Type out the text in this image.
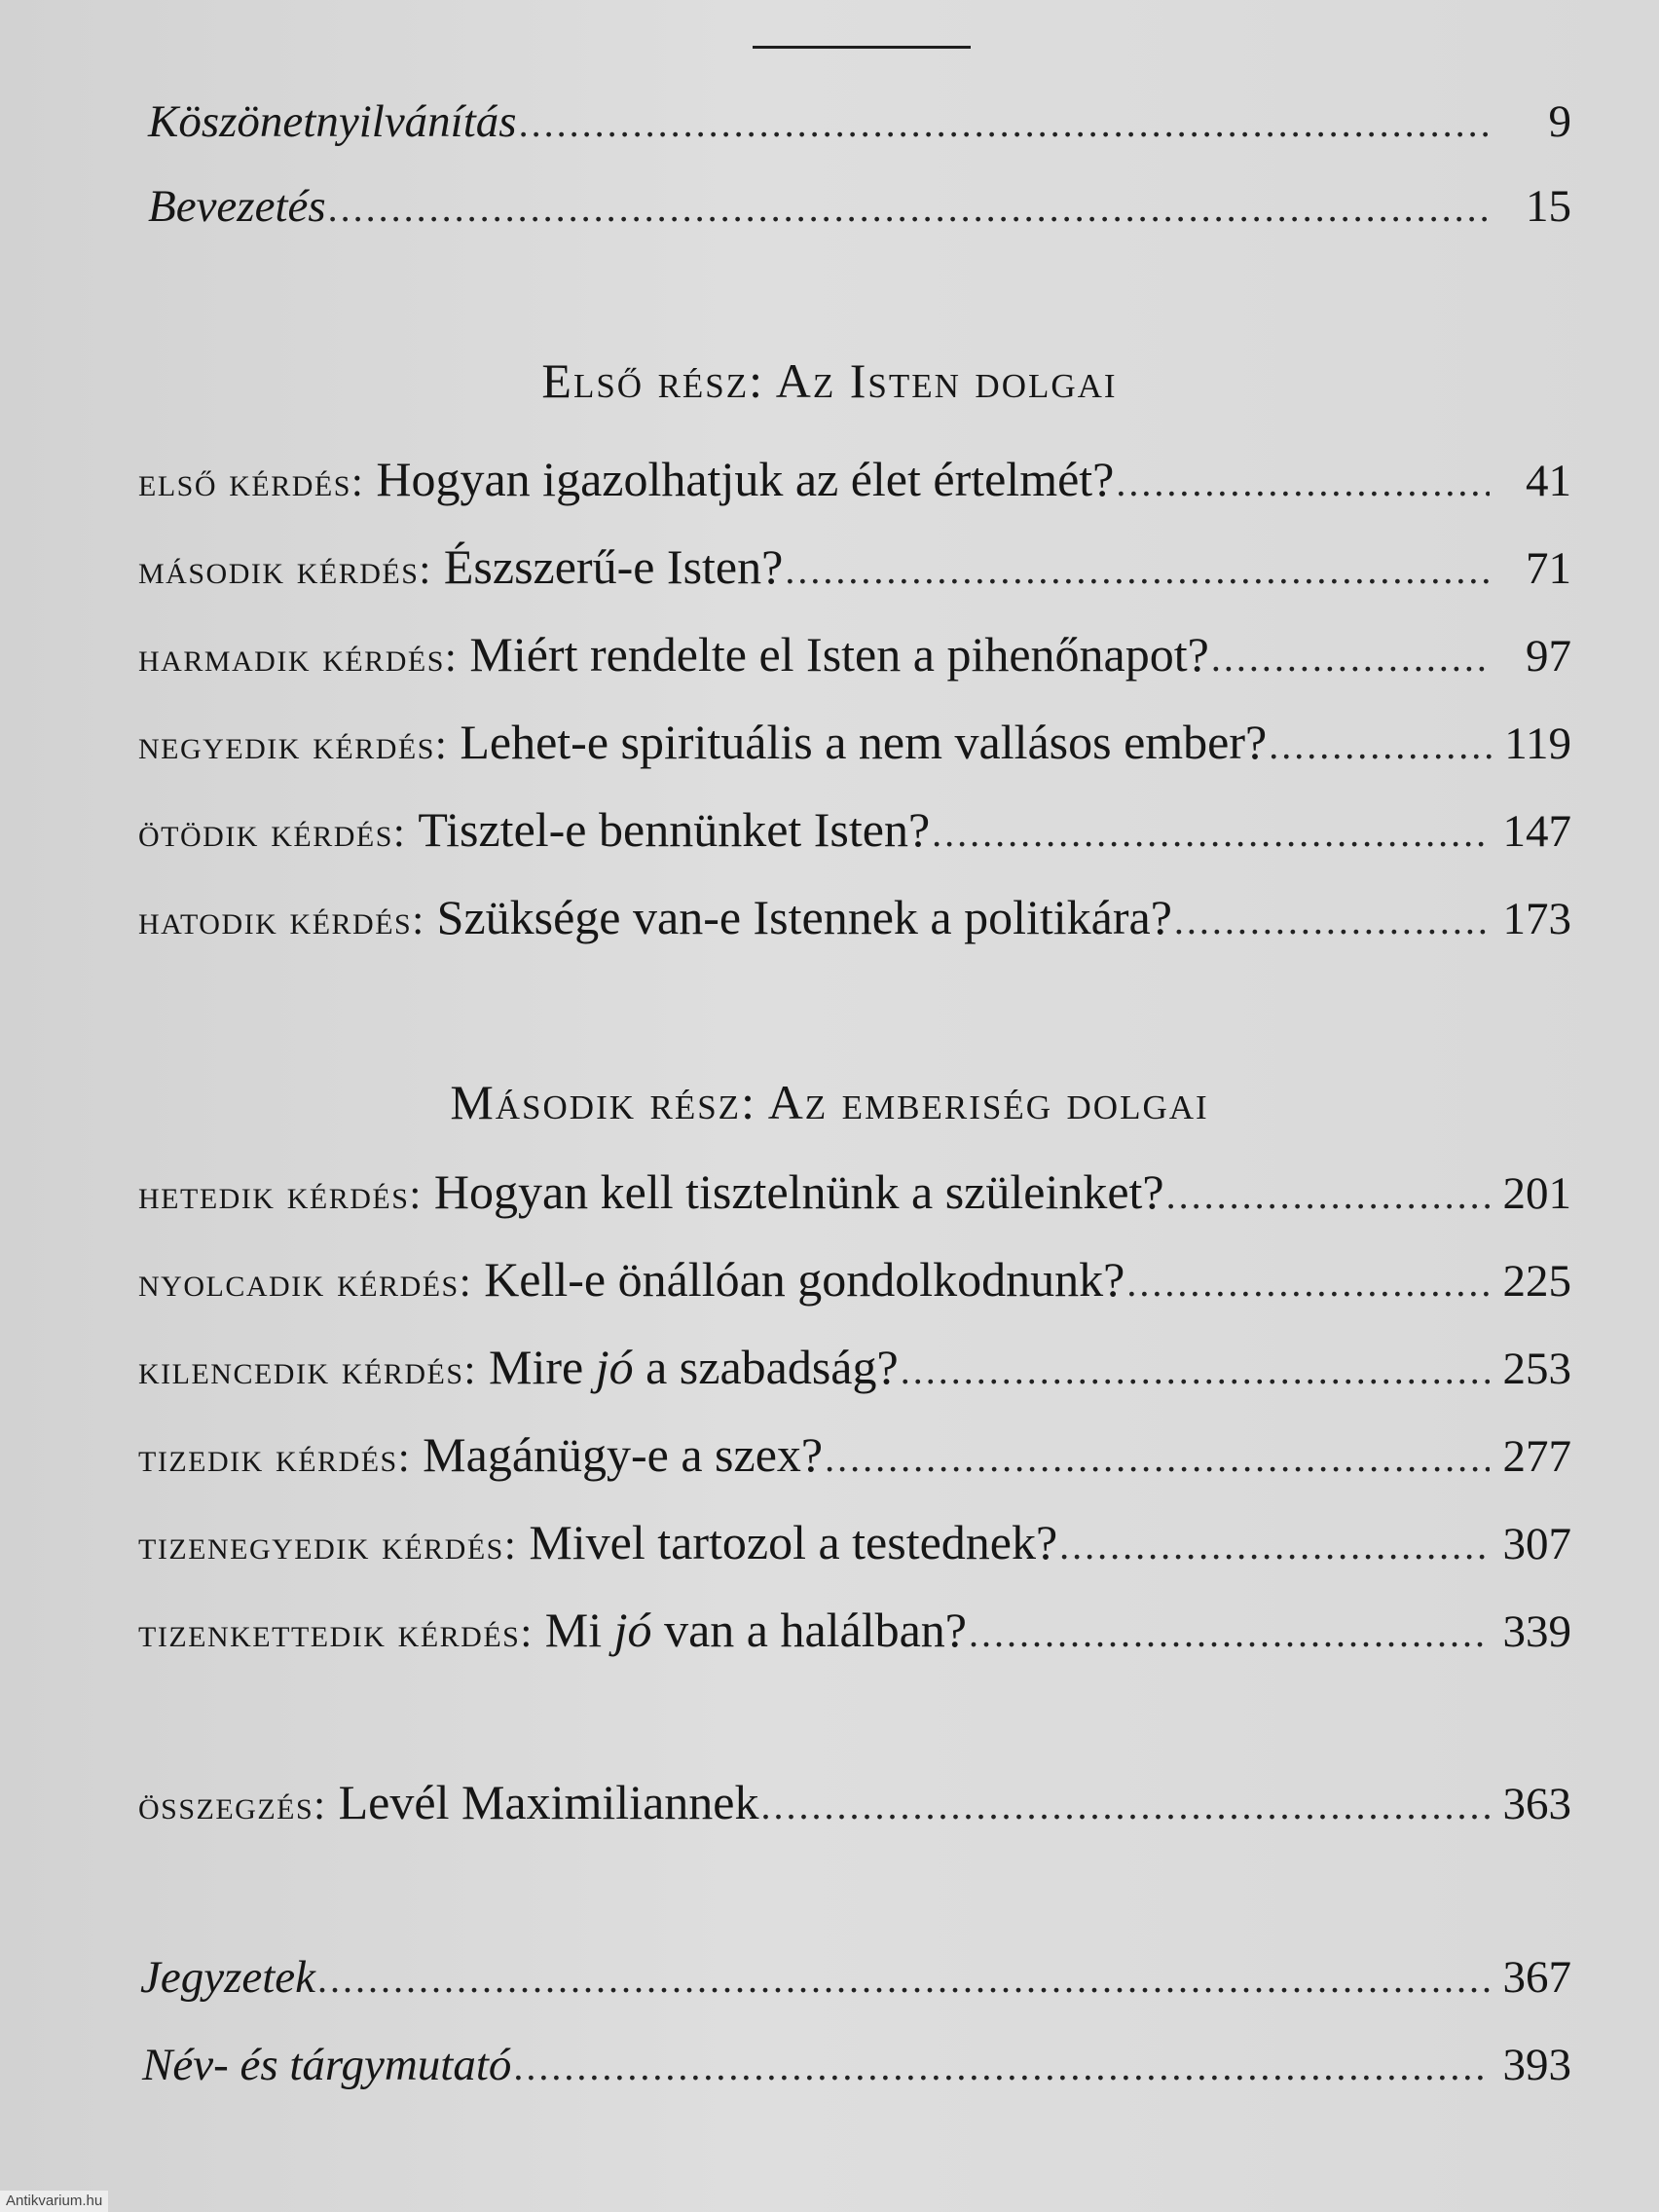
Köszönetnyilvánítás .....	9
Bevezetés .....	15
Első rész: Az Isten dolgai
első kérdés: Hogyan igazolhatjuk az élet értelmét? .....	41
második kérdés: Észszerű-e Isten? .....	71
harmadik kérdés: Miért rendelte el Isten a pihenőnapot? .....	97
negyedik kérdés: Lehet-e spirituális a nem vallásos ember? .....	119
ötödik kérdés: Tisztel-e bennünket Isten? .....	147
hatodik kérdés: Szüksége van-e Istennek a politikára? .....	173
Második rész: Az emberiség dolgai
hetedik kérdés: Hogyan kell tisztelnünk a szüleinket? .....	201
nyolcadik kérdés: Kell-e önállóan gondolkodnunk? .....	225
kilencedik kérdés: Mire jó a szabadság? .....	253
tizedik kérdés: Magánügy-e a szex? .....	277
tizenegyedik kérdés: Mivel tartozol a testednek? .....	307
tizenkettedik kérdés: Mi jó van a halálban? .....	339
összegzés: Levél Maximiliannek .....	363
Jegyzetek .....	367
Név- és tárgymutató .....	393
Antikvarium.hu
